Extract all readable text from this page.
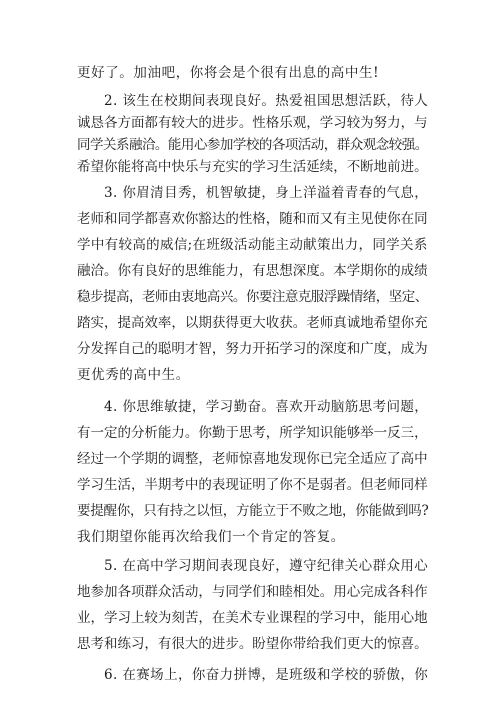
更好了。加油吧，你将会是个很有出息的高中生!
2. 该生在校期间表现良好。热爱祖国思想活跃，待人
诚恳各方面都有较大的进步。性格乐观，学习较为努力，与
同学关系融洽。能用心参加学校的各项活动，群众观念较强。
希望你能将高中快乐与充实的学习生活延续，不断地前进。
3. 你眉清目秀，机智敏捷，身上洋溢着青春的气息，
老师和同学都喜欢你豁达的性格，随和而又有主见使你在同
学中有较高的威信;在班级活动能主动献策出力，同学关系
融洽。你有良好的思维能力，有思想深度。本学期你的成绩
稳步提高，老师由衷地高兴。你要注意克服浮躁情绪，坚定、
踏实，提高效率，以期获得更大收获。老师真诚地希望你充
分发挥自己的聪明才智，努力开拓学习的深度和广度，成为
更优秀的高中生。
4. 你思维敏捷，学习勤奋。喜欢开动脑筋思考问题，
有一定的分析能力。你勤于思考，所学知识能够举一反三，
经过一个学期的调整，老师惊喜地发现你已完全适应了高中
学习生活，半期考中的表现证明了你不是弱者。但老师同样
要提醒你，只有持之以恒，方能立于不败之地，你能做到吗?
我们期望你能再次给我们一个肯定的答复。
5. 在高中学习期间表现良好，遵守纪律关心群众用心
地参加各项群众活动，与同学们和睦相处。用心完成各科作
业，学习上较为刻苦，在美术专业课程的学习中，能用心地
思考和练习，有很大的进步。盼望你带给我们更大的惊喜。
6. 在赛场上，你奋力拼博，是班级和学校的骄傲，你
